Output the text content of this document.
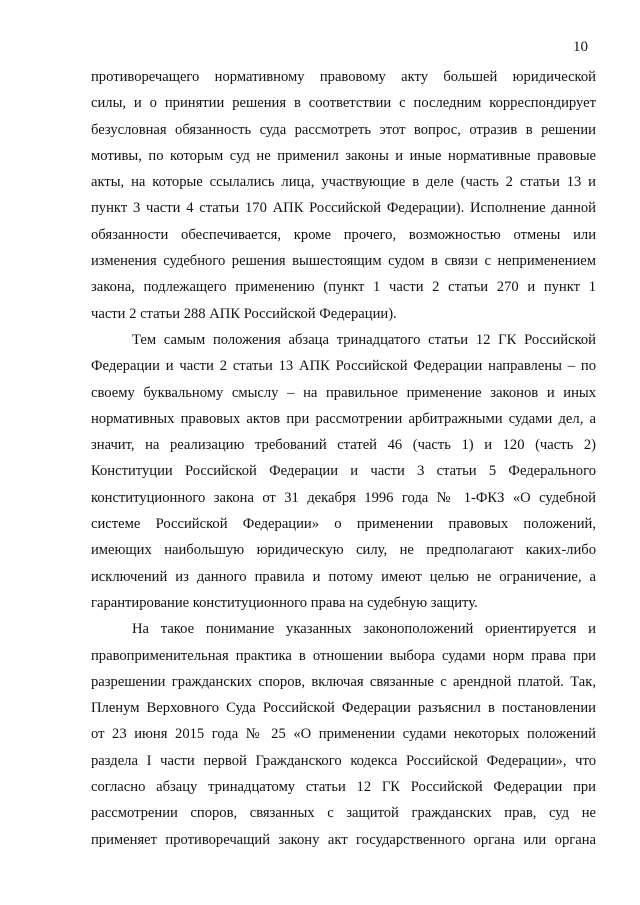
10

противоречащего нормативному правовому акту большей юридической
силы, и о принятии решения в соответствии с последним корреспондирует
безусловная обязанность суда рассмотреть этот вопрос, отразив в решении
мотивы, по которым суд не применил законы и иные нормативные правовые
акты, на которые ссылались лица, участвующие в деле (часть 2 статьи 13 и
пункт 3 части 4 статьи 170 АПК Российской Федерации). Исполнение данной
обязанности обеспечивается, кроме прочего, возможностью отмены или
изменения судебного решения вышестоящим судом в связи с неприменением
закона, подлежащего применению (пункт 1 части 2 статьи 270 и пункт 1
части 2 статьи 288 АПК Российской Федерации).

Тем самым положения абзаца тринадцатого статьи 12 ГК Российской
Федерации и части 2 статьи 13 АПК Российской Федерации направлены – по
своему буквальному смыслу – на правильное применение законов и иных
нормативных правовых актов при рассмотрении арбитражными судами дел, а
значит, на реализацию требований статей 46 (часть 1) и 120 (часть 2)
Конституции Российской Федерации и части 3 статьи 5 Федерального
конституционного закона от 31 декабря 1996 года № 1-ФКЗ «О судебной
системе Российской Федерации» о применении правовых положений,
имеющих наибольшую юридическую силу, не предполагают каких-либо
исключений из данного правила и потому имеют целью не ограничение, а
гарантирование конституционного права на судебную защиту.

На такое понимание указанных законоположений ориентируется и
правоприменительная практика в отношении выбора судами норм права при
разрешении гражданских споров, включая связанные с арендной платой. Так,
Пленум Верховного Суда Российской Федерации разъяснил в постановлении
от 23 июня 2015 года № 25 «О применении судами некоторых положений
раздела I части первой Гражданского кодекса Российской Федерации», что
согласно абзацу тринадцатому статьи 12 ГК Российской Федерации при
рассмотрении споров, связанных с защитой гражданских прав, суд не
применяет противоречащий закону акт государственного органа или органа
